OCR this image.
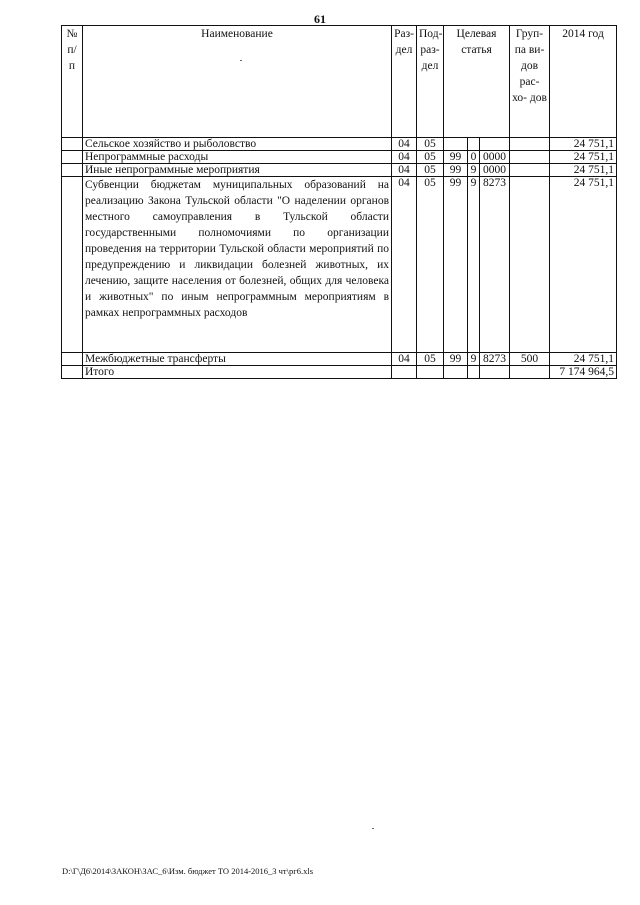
61
№ п/ п	Наименование	Раз- дел	Под- раз- дел	Целевая статья			Груп- па ви- дов рас- хо- дов	2014 год
	Сельское хозяйство и рыболовство	04	05					24 751,1
	Непрограммные расходы	04	05	99	0	0000		24 751,1
	Иные непрограммные мероприятия	04	05	99	9	0000		24 751,1
	Субвенции бюджетам муниципальных образований на реализацию Закона Тульской области "О наделении органов местного самоуправления в Тульской области государственными полномочиями по организации проведения на территории Тульской области мероприятий по предупреждению и ликвидации болезней животных, их лечению, защите населения от болезней, общих для человека и животных" по иным непрограммным мероприятиям в рамках непрограммных расходов	04	05	99	9	8273		24 751,1
	Межбюджетные трансферты	04	05	99	9	8273	500	24 751,1
	Итого							7 174 964,5
D:\Г\Д6\2014\ЗАКОН\ЗАС_6\Изм. бюджет ТО 2014-2016_3 чт\рг6.xls
